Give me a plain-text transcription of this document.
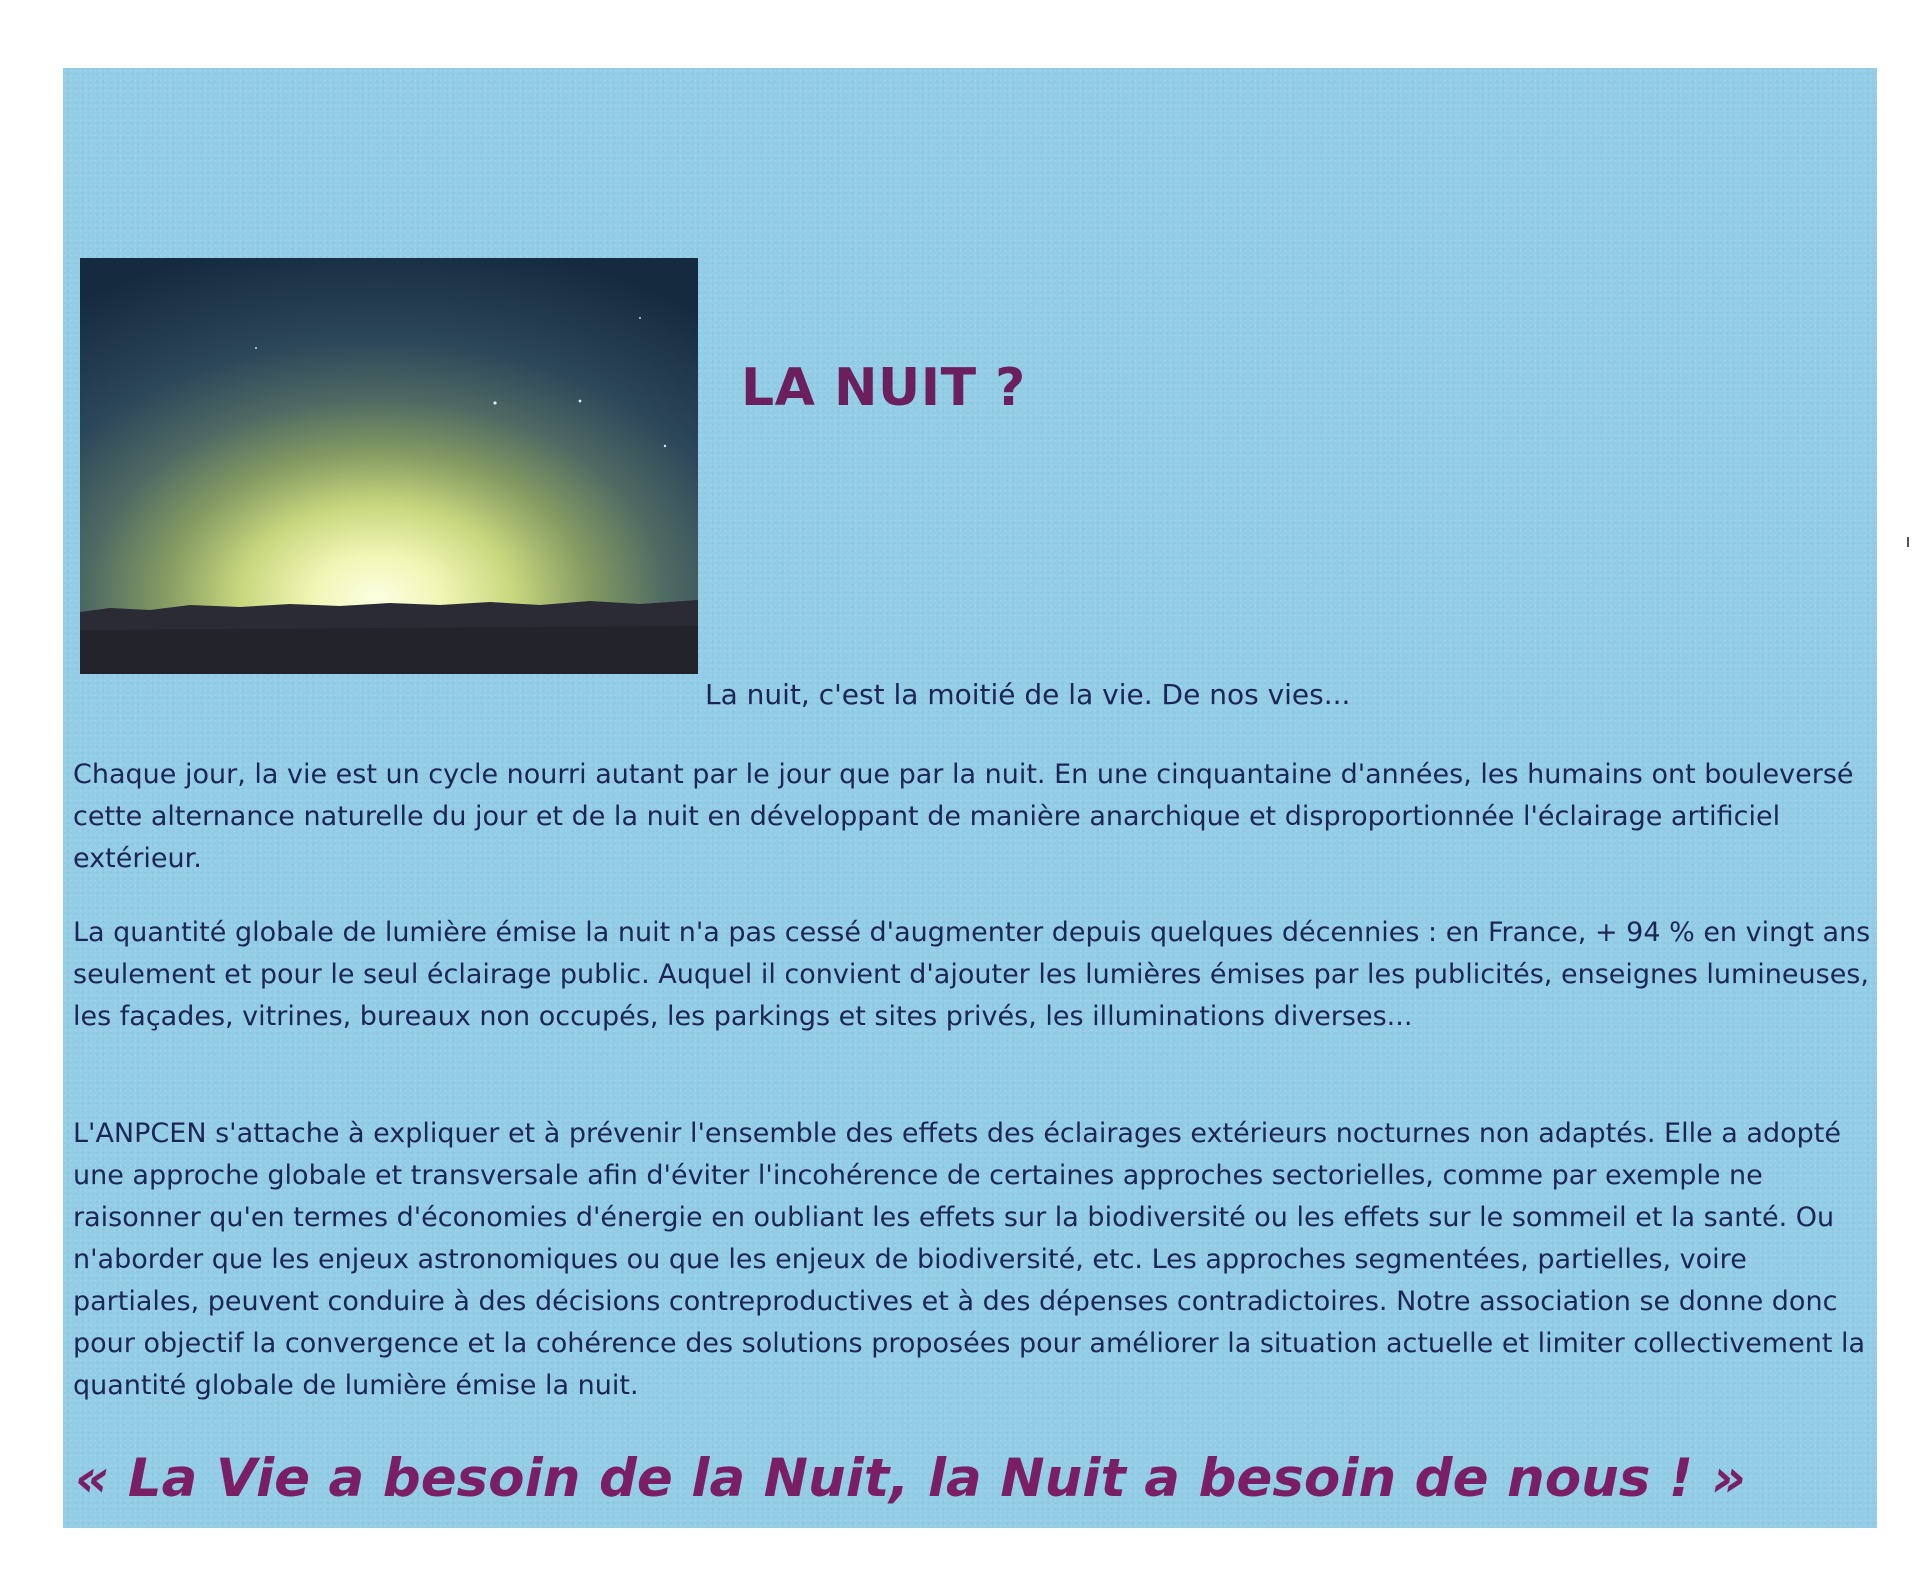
LA NUIT ?
La nuit, c'est la moitié de la vie. De nos vies...

Chaque jour, la vie est un cycle nourri autant par le jour que par la nuit. En une cinquantaine d'années, les humains ont bouleversé cette alternance naturelle du jour et de la nuit en développant de manière anarchique et disproportionnée l'éclairage artificiel extérieur.

La quantité globale de lumière émise la nuit n'a pas cessé d'augmenter depuis quelques décennies : en France, + 94 % en vingt ans seulement et pour le seul éclairage public. Auquel il convient d'ajouter les lumières émises par les publicités, enseignes lumineuses, les façades, vitrines, bureaux non occupés, les parkings et sites privés, les illuminations diverses...

L'ANPCEN s'attache à expliquer et à prévenir l'ensemble des effets des éclairages extérieurs nocturnes non adaptés. Elle a adopté une approche globale et transversale afin d'éviter l'incohérence de certaines approches sectorielles, comme par exemple ne raisonner qu'en termes d'économies d'énergie en oubliant les effets sur la biodiversité ou les effets sur le sommeil et la santé. Ou n'aborder que les enjeux astronomiques ou que les enjeux de biodiversité, etc. Les approches segmentées, partielles, voire partiales, peuvent conduire à des décisions contreproductives et à des dépenses contradictoires. Notre association se donne donc pour objectif la convergence et la cohérence des solutions proposées pour améliorer la situation actuelle et limiter collectivement la quantité globale de lumière émise la nuit.

« La Vie a besoin de la Nuit, la Nuit a besoin de nous ! »
